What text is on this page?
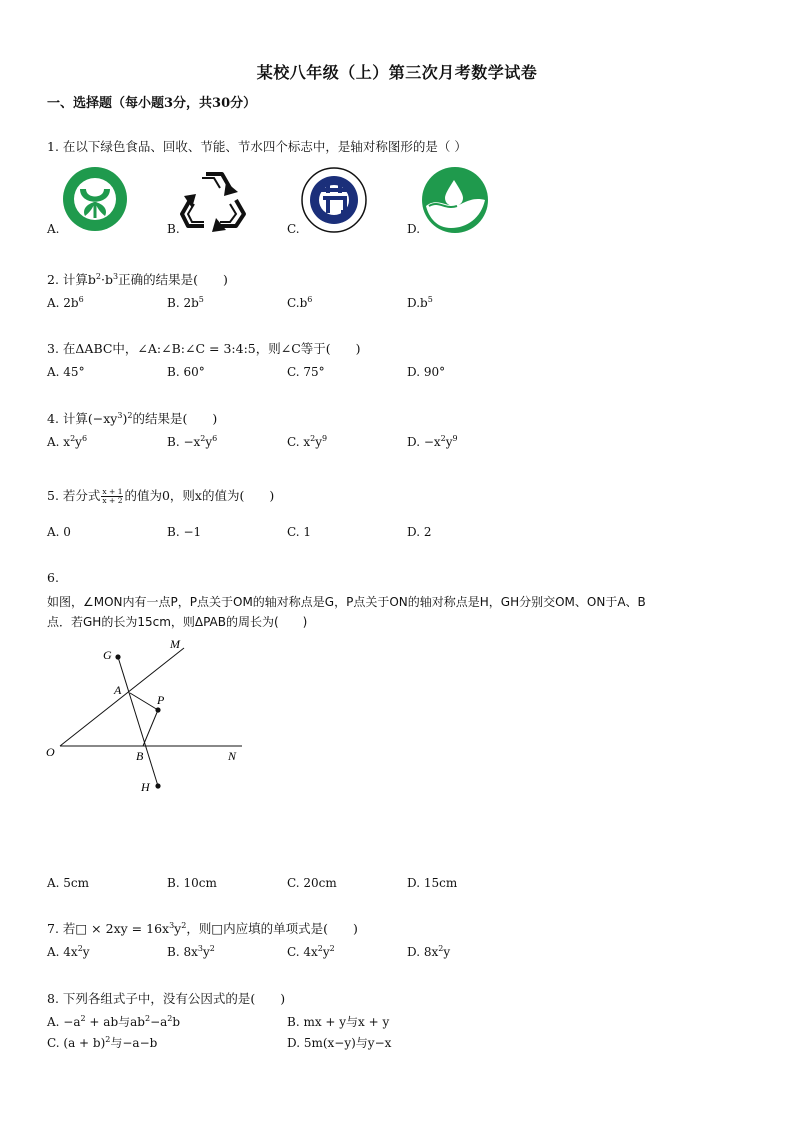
某校八年级（上）第三次月考数学试卷
一、选择题（每小题3分，共30分）
1. 在以下绿色食品、回收、节能、节水四个标志中，是轴对称图形的是（ ）
A.	B.	C.	D.
2. 计算$b^2\cdot b^3$正确的结果是(　　)
A. $2b^6$	B. $2b^5$	$C.b^6$	$D.b^5$
3. 在ΔABC中，∠A:∠B:∠C = 3:4:5，则∠C等于(　　)
A. 45°	B. 60°	C. 75°	D. 90°
4. 计算$(-xy^3)^2$的结果是(　　)
A. $x^2y^6$	B. $-x^2y^6$	C. $x^2y^9$	D. $-x^2y^9$
5. 若分式 $\frac{x + 1}{x + 2}$ 的值为0，则x的值为(　　)
A. 0	B. −1	C. 1	D. 2
6.
如图，∠MON内有一点P，P点关于OM的轴对称点是G，P点关于ON的轴对称点是H，GH分别交OM、ON于A、B
点．若GH的长为15cm，则ΔPAB的周长为(　　)
G
M
A
P
O	B	N
H
A. 5cm	B. 10cm	C. 20cm	D. 15cm
7. 若□ × $2xy = 16x^3y^2$，则□内应填的单项式是(　　)
A. $4x^2y$	B. $8x^3y^2$	C. $4x^2y^2$	D. $8x^2y$
8. 下列各组式子中，没有公因式的是(　　)
A. $-a^2$ + ab与$ab^2-a^2b$	B. mx + y与x + y
C. $(a + b)^2$与−a−b	D. 5m(x−y)与y−x
